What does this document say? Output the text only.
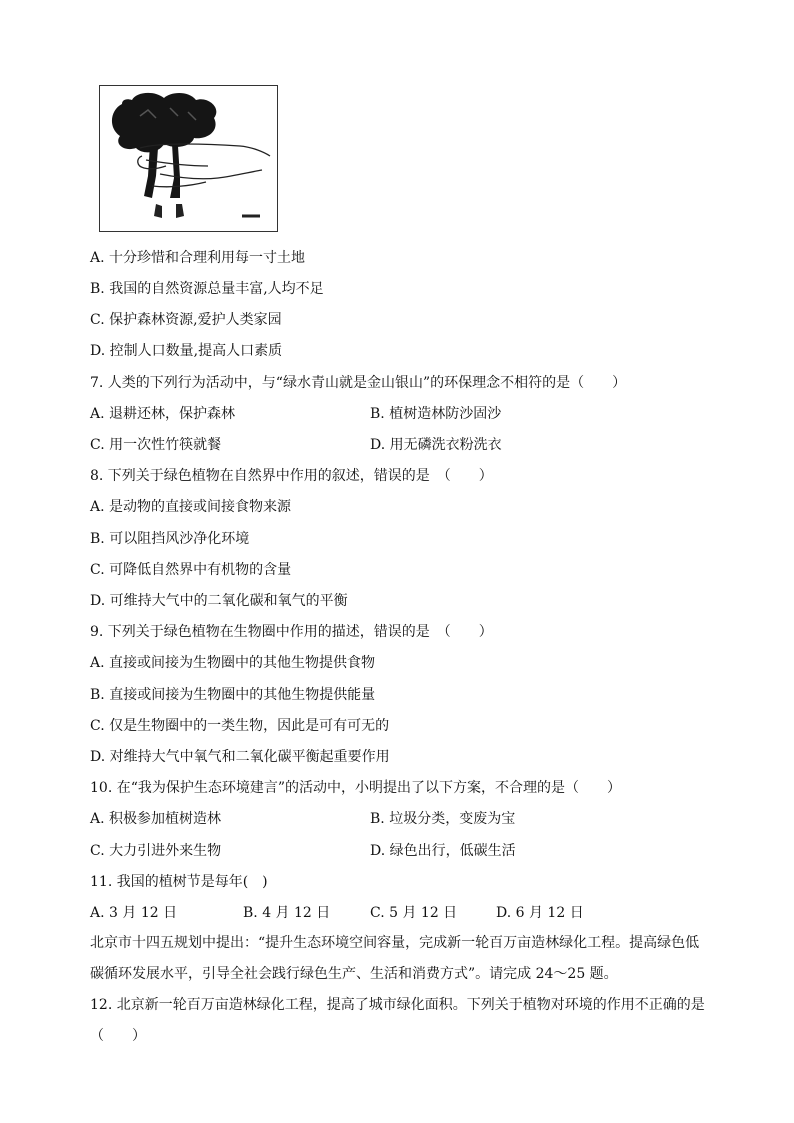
A. 十分珍惜和合理利用每一寸土地
B. 我国的自然资源总量丰富,人均不足
C. 保护森林资源,爱护人类家园
D. 控制人口数量,提高人口素质
7. 人类的下列行为活动中，与“绿水青山就是金山银山”的环保理念不相符的是（　　）
A. 退耕还林，保护森林	B. 植树造林防沙固沙
C. 用一次性竹筷就餐	D. 用无磷洗衣粉洗衣
8. 下列关于绿色植物在自然界中作用的叙述，错误的是　（　　）
A. 是动物的直接或间接食物来源
B. 可以阻挡风沙净化环境
C. 可降低自然界中有机物的含量
D. 可维持大气中的二氧化碳和氧气的平衡
9. 下列关于绿色植物在生物圈中作用的描述，错误的是　（　　）
A. 直接或间接为生物圈中的其他生物提供食物
B. 直接或间接为生物圈中的其他生物提供能量
C. 仅是生物圈中的一类生物，因此是可有可无的
D. 对维持大气中氧气和二氧化碳平衡起重要作用
10. 在“我为保护生态环境建言”的活动中，小明提出了以下方案，不合理的是（　　）
A. 积极参加植树造林	B. 垃圾分类，变废为宝
C. 大力引进外来生物	D. 绿色出行，低碳生活
11. 我国的植树节是每年(　)
A. 3 月 12 日	B. 4 月 12 日	C. 5 月 12 日	D. 6 月 12 日
北京市十四五规划中提出：“提升生态环境空间容量，完成新一轮百万亩造林绿化工程。提高绿色低碳循环发展水平，引导全社会践行绿色生产、生活和消费方式”。请完成 24～25 题。
12. 北京新一轮百万亩造林绿化工程，提高了城市绿化面积。下列关于植物对环境的作用不正确的是　（　　）
